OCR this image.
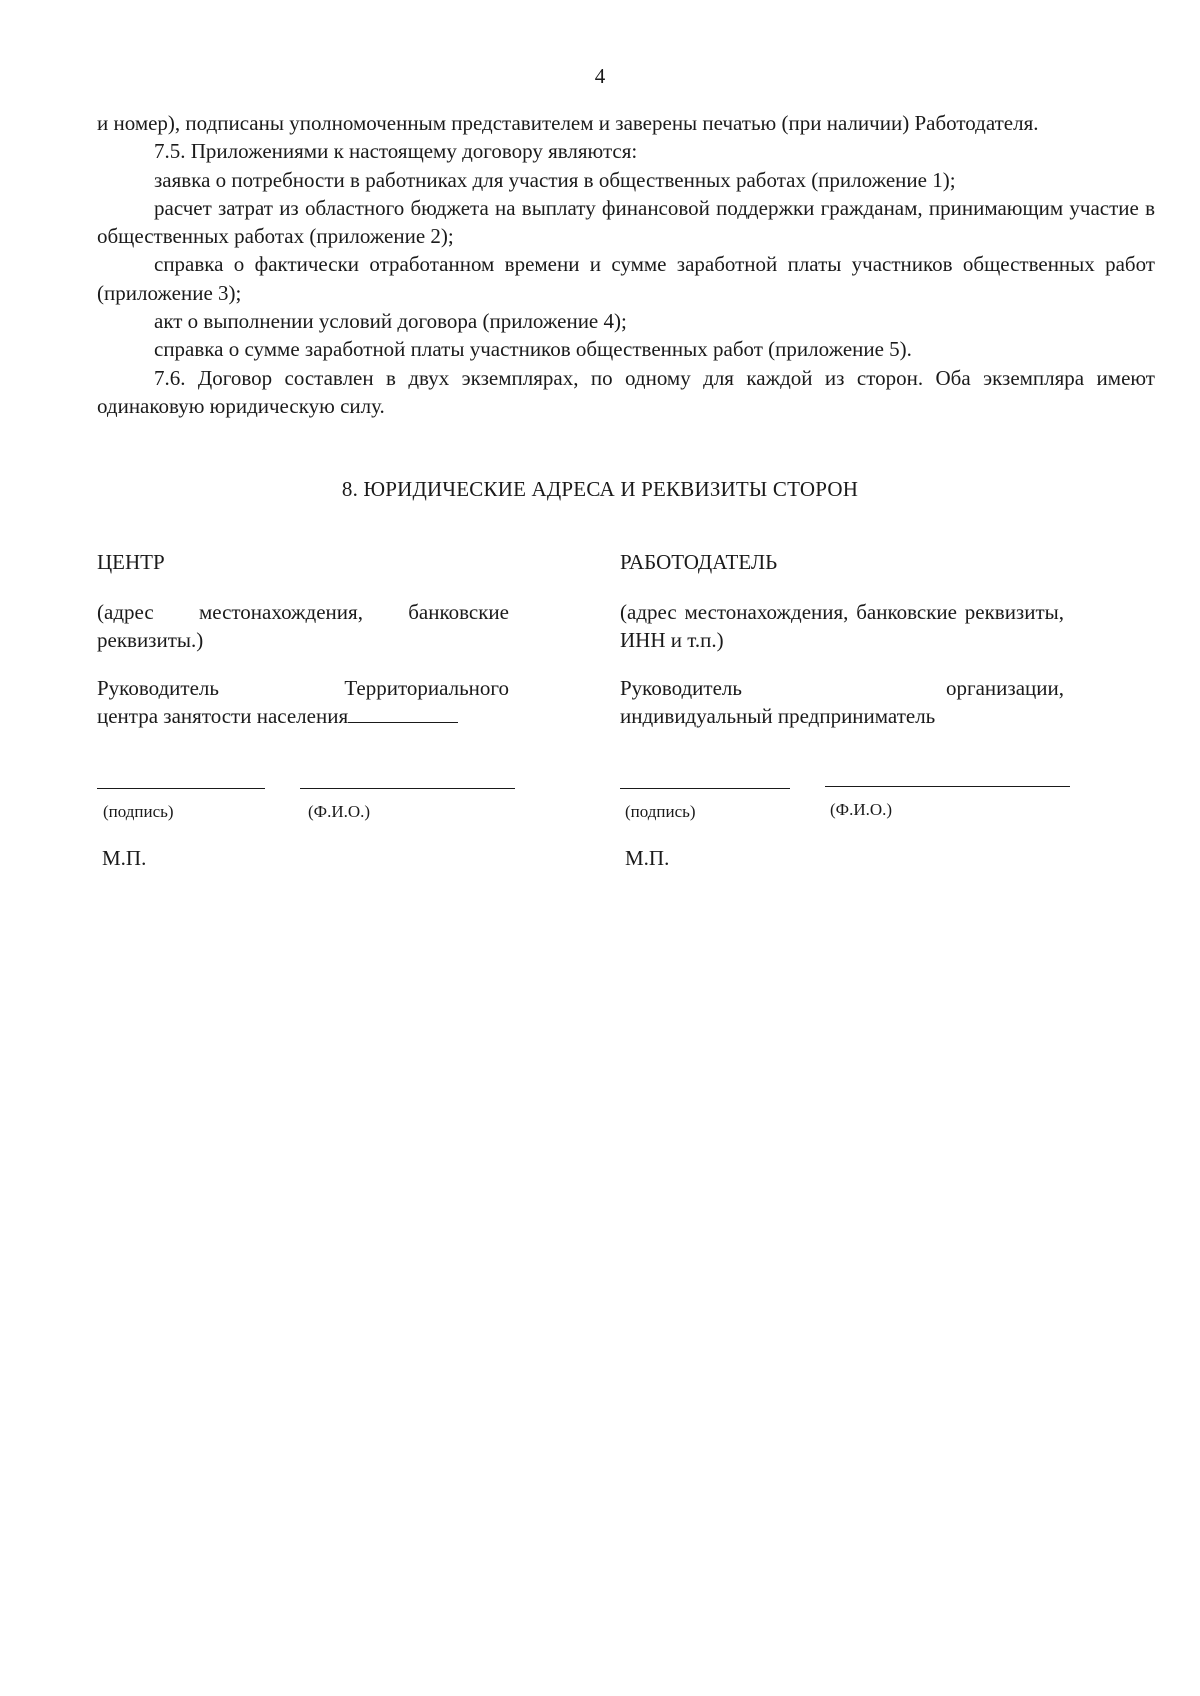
4

и номер), подписаны уполномоченным представителем и заверены печатью (при наличии) Работодателя.

7.5. Приложениями к настоящему договору являются:

заявка о потребности в работниках для участия в общественных работах (приложение 1);

расчет затрат из областного бюджета на выплату финансовой поддержки гражданам, принимающим участие в общественных работах (приложение 2);

справка о фактически отработанном времени и сумме заработной платы участников общественных работ (приложение 3);

акт о выполнении условий договора (приложение 4);

справка о сумме заработной платы участников общественных работ (приложение 5).

7.6. Договор составлен в двух экземплярах, по одному для каждой из сторон. Оба экземпляра имеют одинаковую юридическую силу.

8. ЮРИДИЧЕСКИЕ АДРЕСА И РЕКВИЗИТЫ СТОРОН

ЦЕНТР

(адрес местонахождения, банковские реквизиты.)

Руководитель	Территориального

центра занятости населения

РАБОТОДАТЕЛЬ

(адрес местонахождения, банковские реквизиты, ИНН и т.п.)

Руководитель	организации,

индивидуальный предприниматель

(подпись)	(Ф.И.О.)	(подпись)	(Ф.И.О.)
М.П.	М.П.
